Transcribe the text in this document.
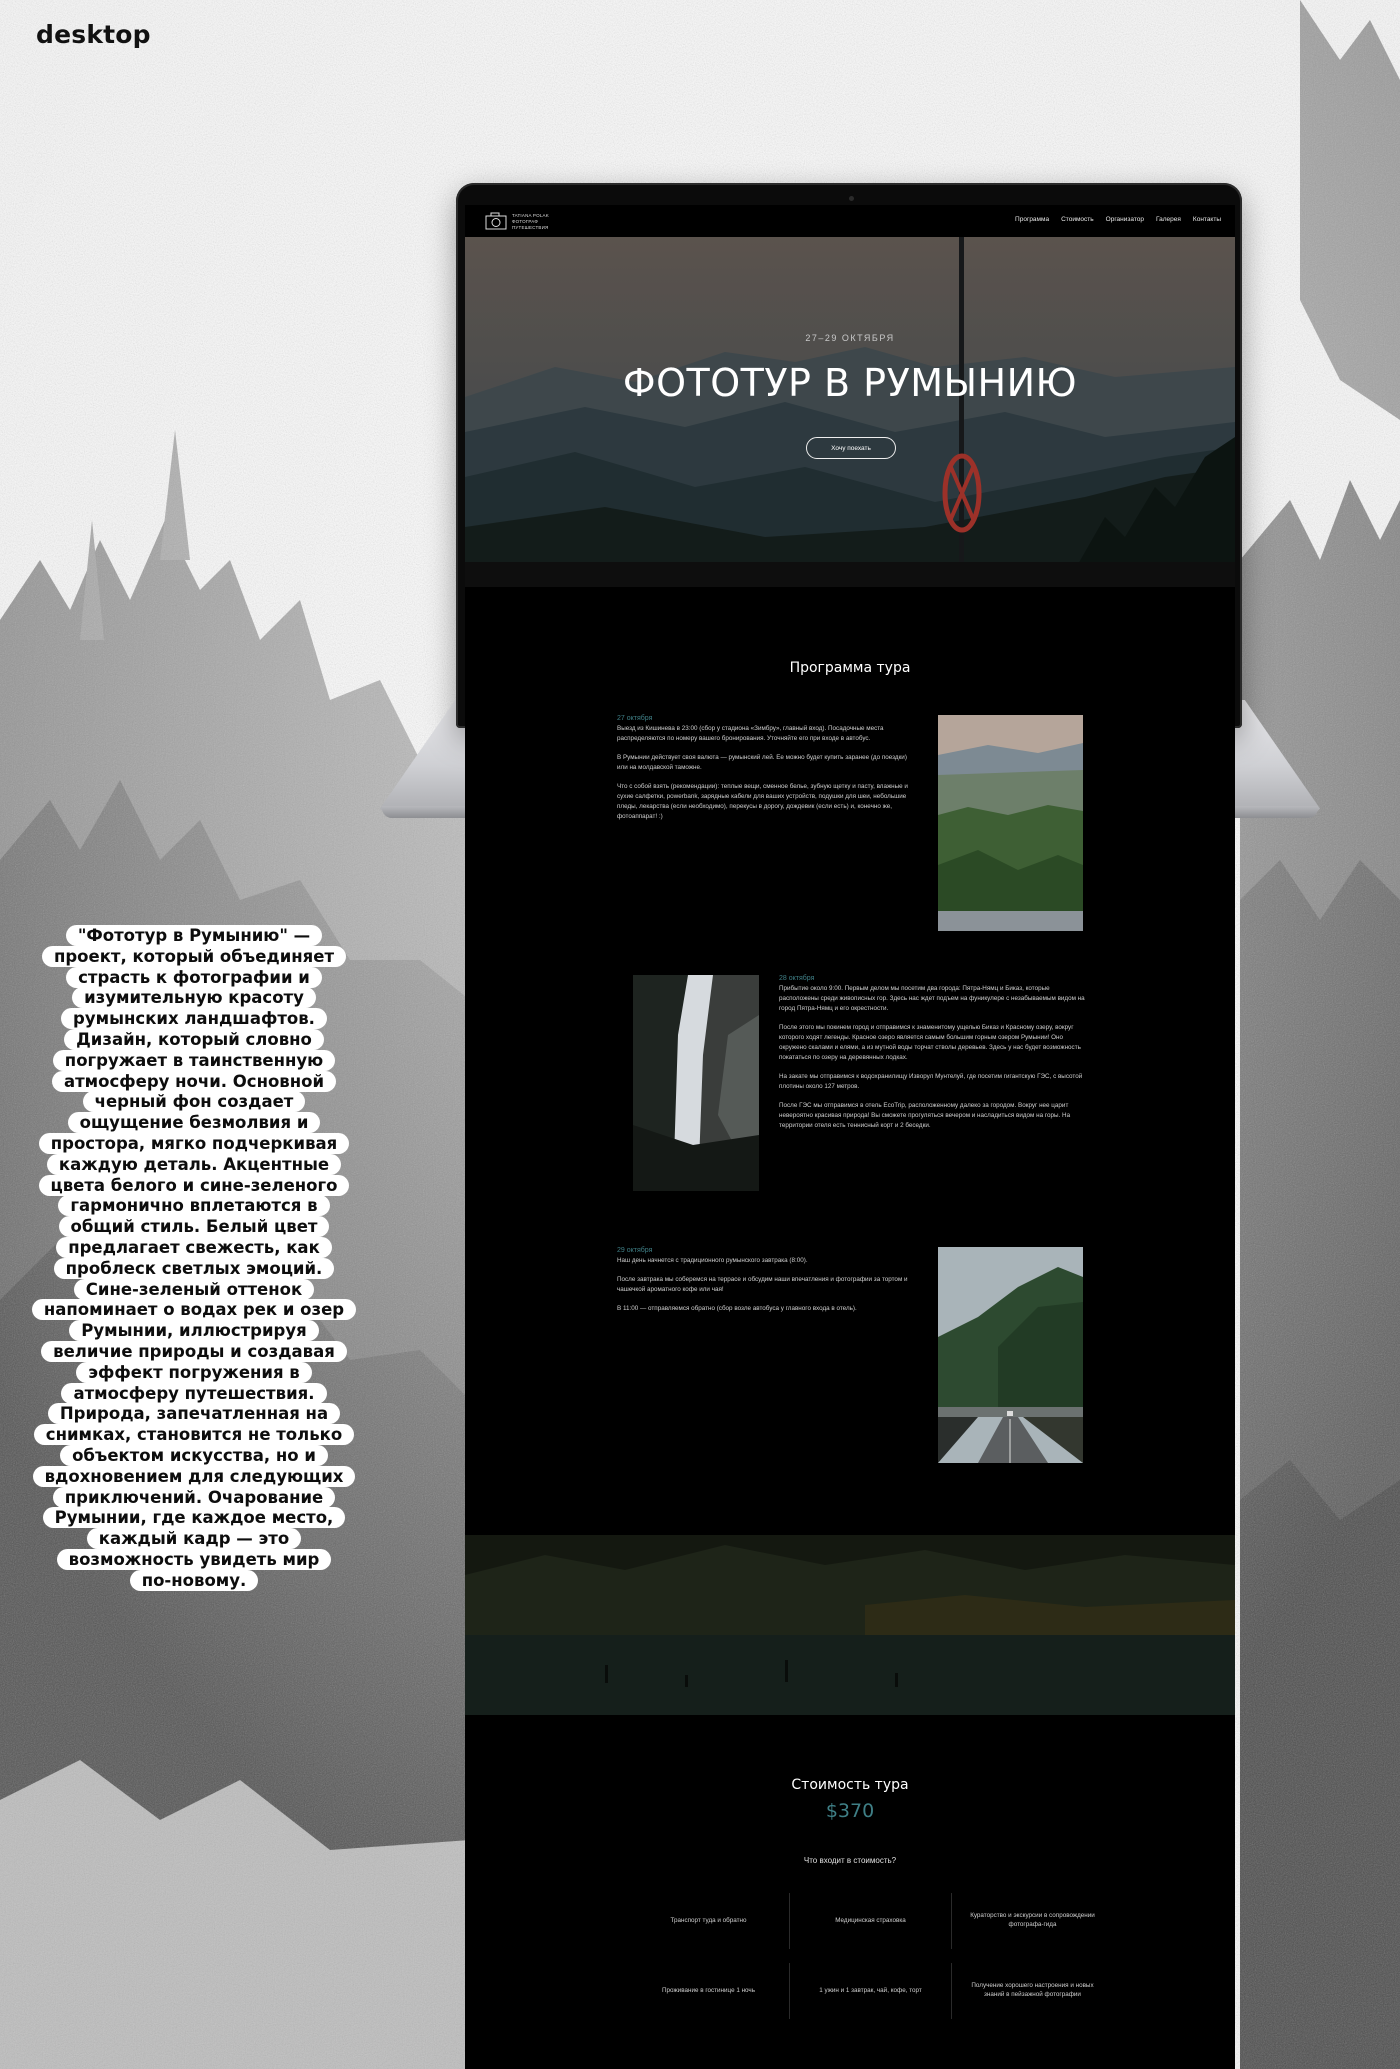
desktop
TATIANA POLAK
ФОТОГРАФ
ПУТЕШЕСТВИЯ
Программа Стоимость Организатор Галерея Контакты
27–29 ОКТЯБРЯ
ФОТОТУР В РУМЫНИЮ
Хочу поехать
Программа тура
27 октября

Выезд из Кишинева в 23:00 (сбор у стадиона «Зимбру», главный вход). Посадочные места распределяются по номеру вашего бронирования. Уточняйте его при входе в автобус.

В Румынии действует своя валюта — румынский лей. Ее можно будет купить заранее (до поездки) или на молдавской таможне.

Что с собой взять (рекомендации): теплые вещи, сменное белье, зубную щетку и пасту, влажные и сухие салфетки, powerbank, зарядные кабели для ваших устройств, подушки для шеи, небольшие пледы, лекарства (если необходимо), перекусы в дорогу, дождевик (если есть) и, конечно же, фотоаппарат! :)

28 октября

Прибытие около 9:00. Первым делом мы посетим два города: Пятра-Нямц и Биказ, которые расположены среди живописных гор. Здесь нас ждет подъем на фуникулере с незабываемым видом на город Пятра-Нямц и его окрестности.

После этого мы покинем город и отправимся к знаменитому ущелью Биказ и Красному озеру, вокруг которого ходят легенды. Красное озеро является самым большим горным озером Румынии! Оно окружено скалами и елями, а из мутной воды торчат стволы деревьев. Здесь у нас будет возможность покататься по озеру на деревянных лодках.

На закате мы отправимся к водохранилищу Изворул Мунтелуй, где посетим гигантскую ГЭС, с высотой плотины около 127 метров.

После ГЭС мы отправимся в отель EcoTrip, расположенному далеко за городом. Вокруг нее царит невероятно красивая природа! Вы сможете прогуляться вечером и насладиться видом на горы. На территории отеля есть теннисный корт и 2 беседки.

29 октября

Наш день начнется с традиционного румынского завтрака (8:00).

После завтрака мы соберемся на террасе и обсудим наши впечатления и фотографии за тортом и чашечкой ароматного кофе или чая!

В 11:00 — отправляемся обратно (сбор возле автобуса у главного входа в отель).

Стоимость тура
$370
Что входит в стоимость?
Транспорт туда и обратно	Медицинская страховка
Кураторство и экскурсии в сопровождении фотографа-гида
Проживание в гостинице 1 ночь	1 ужин и 1 завтрак, чай, кофе, торт
Получение хорошего настроения и новых знаний в пейзажной фотографии
"Фототур в Румынию" —
проект, который объединяет
страсть к фотографии и
изумительную красоту
румынских ландшафтов.
Дизайн, который словно
погружает в таинственную
атмосферу ночи. Основной
черный фон создает
ощущение безмолвия и
простора, мягко подчеркивая
каждую деталь. Акцентные
цвета белого и сине-зеленого
гармонично вплетаются в
общий стиль. Белый цвет
предлагает свежесть, как
проблеск светлых эмоций.
Сине-зеленый оттенок
напоминает о водах рек и озер
Румынии, иллюстрируя
величие природы и создавая
эффект погружения в
атмосферу путешествия.
Природа, запечатленная на
снимках, становится не только
объектом искусства, но и
вдохновением для следующих
приключений. Очарование
Румынии, где каждое место,
каждый кадр — это
возможность увидеть мир
по-новому.
